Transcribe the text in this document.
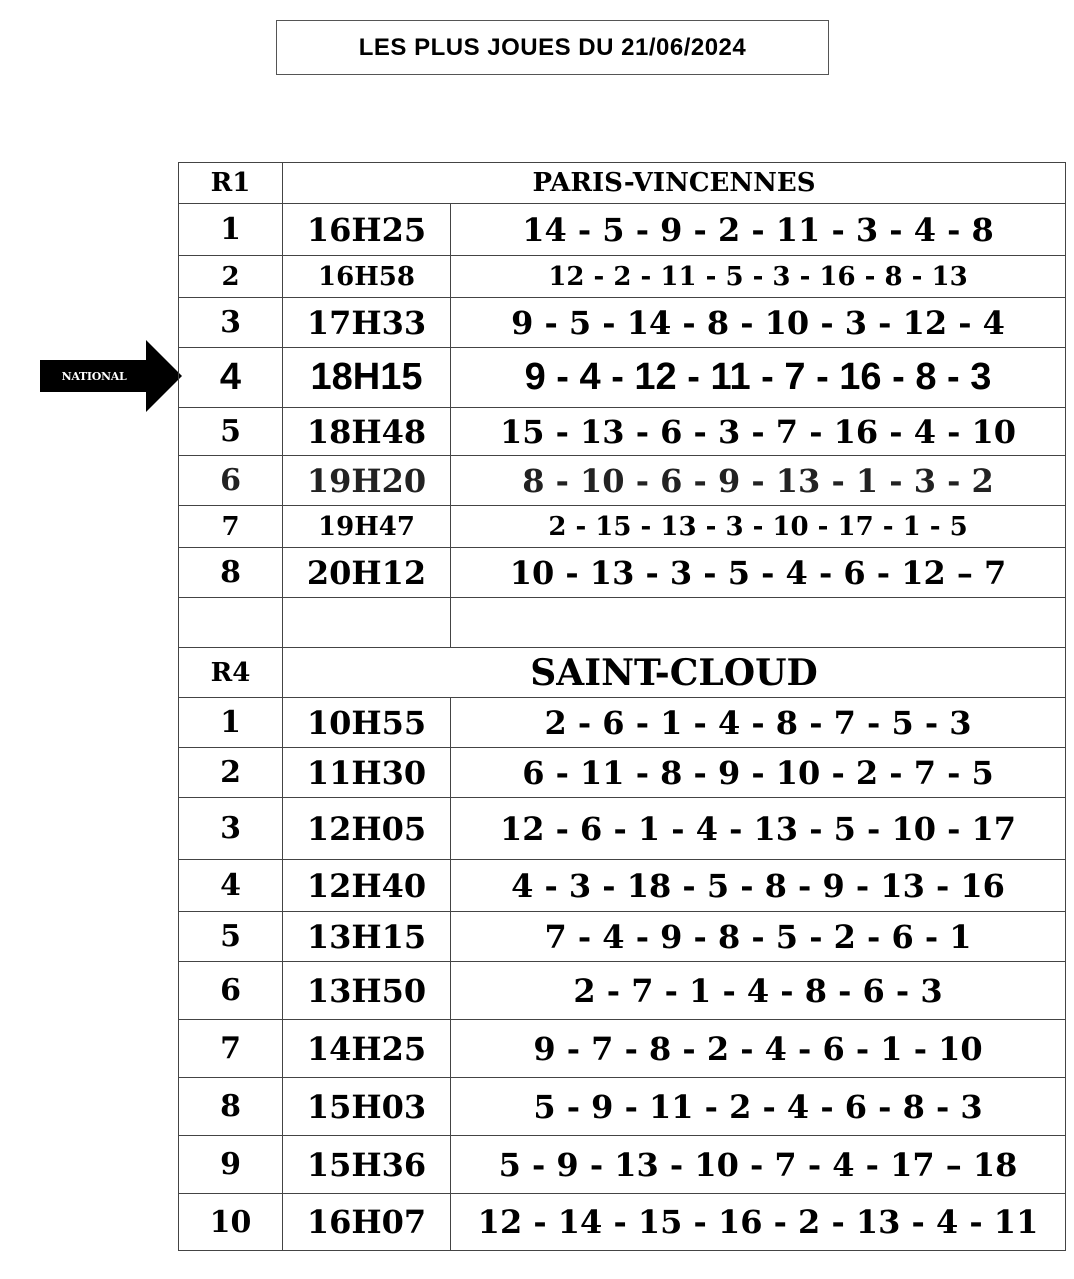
LES PLUS JOUES DU 21/06/2024
NATIONAL
R1	PARIS-VINCENNES	
1	16H25	14 - 5 - 9 - 2 - 11 - 3 - 4 - 8
2	16H58	12 - 2 - 11 - 5 - 3 - 16 - 8 - 13
3	17H33	9 - 5 - 14 - 8 - 10 - 3 - 12 - 4
4	18H15	9 - 4 - 12 - 11 - 7 - 16 - 8 - 3
5	18H48	15 - 13 - 6 - 3 - 7 - 16 - 4 - 10
6	19H20	8 - 10 - 6 - 9 - 13 - 1 - 3 - 2
7	19H47	2 - 15 - 13 - 3 - 10 - 17 - 1 - 5
8	20H12	10 - 13 - 3 - 5 - 4 - 6 - 12 – 7

R4	SAINT-CLOUD	
1	10H55	2 - 6 - 1 - 4 - 8 - 7 - 5 - 3
2	11H30	6 - 11 - 8 - 9 - 10 - 2 - 7 - 5
3	12H05	12 - 6 - 1 - 4 - 13 - 5 - 10 - 17
4	12H40	4 - 3 - 18 - 5 - 8 - 9 - 13 - 16
5	13H15	7 - 4 - 9 - 8 - 5 - 2 - 6 - 1
6	13H50	2 - 7 - 1 - 4 - 8 - 6 - 3
7	14H25	9 - 7 - 8 - 2 - 4 - 6 - 1 - 10
8	15H03	5 - 9 - 11 - 2 - 4 - 6 - 8 - 3
9	15H36	5 - 9 - 13 - 10 - 7 - 4 - 17 – 18
10	16H07	12 - 14 - 15 - 16 - 2 - 13 - 4 - 11
